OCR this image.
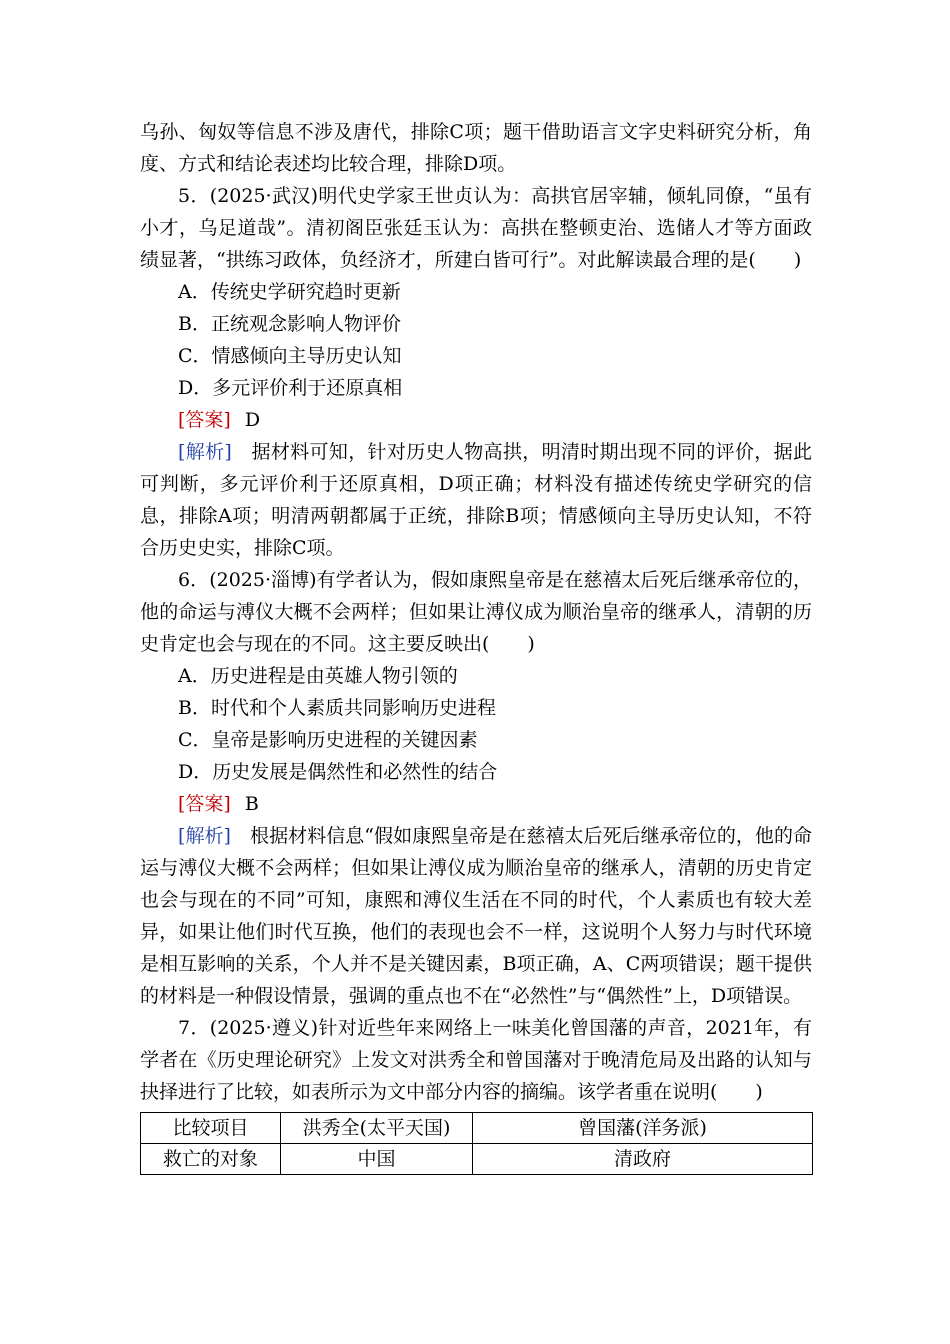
乌孙、匈奴等信息不涉及唐代，排除C项；题干借助语言文字史料研究分析，角度、方式和结论表述均比较合理，排除D项。

5．(2025·武汉)明代史学家王世贞认为：高拱官居宰辅，倾轧同僚，“虽有小才，乌足道哉”。清初阁臣张廷玉认为：高拱在整顿吏治、选储人才等方面政绩显著，“拱练习政体，负经济才，所建白皆可行”。对此解读最合理的是(　　)

A．传统史学研究趋时更新

B．正统观念影响人物评价

C．情感倾向主导历史认知

D．多元评价利于还原真相

[答案] D

[解析]　 据材料可知，针对历史人物高拱，明清时期出现不同的评价，据此可判断，多元评价利于还原真相，D项正确；材料没有描述传统史学研究的信息，排除A项；明清两朝都属于正统，排除B项；情感倾向主导历史认知，不符合历史史实，排除C项。

6．(2025·淄博)有学者认为，假如康熙皇帝是在慈禧太后死后继承帝位的，他的命运与溥仪大概不会两样；但如果让溥仪成为顺治皇帝的继承人，清朝的历史肯定也会与现在的不同。这主要反映出(　　)

A．历史进程是由英雄人物引领的

B．时代和个人素质共同影响历史进程

C．皇帝是影响历史进程的关键因素

D．历史发展是偶然性和必然性的结合

[答案] B

[解析]　 根据材料信息“假如康熙皇帝是在慈禧太后死后继承帝位的，他的命运与溥仪大概不会两样；但如果让溥仪成为顺治皇帝的继承人，清朝的历史肯定也会与现在的不同”可知，康熙和溥仪生活在不同的时代，个人素质也有较大差异，如果让他们时代互换，他们的表现也会不一样，这说明个人努力与时代环境是相互影响的关系，个人并不是关键因素，B项正确，A、C两项错误；题干提供的材料是一种假设情景，强调的重点也不在“必然性”与“偶然性”上，D项错误。

7．(2025·遵义)针对近些年来网络上一味美化曾国藩的声音，2021年，有学者在《历史理论研究》上发文对洪秀全和曾国藩对于晚清危局及出路的认知与抉择进行了比较，如表所示为文中部分内容的摘编。该学者重在说明(　　)

比较项目	洪秀全(太平天国)	曾国藩(洋务派)
救亡的对象	中国	清政府
